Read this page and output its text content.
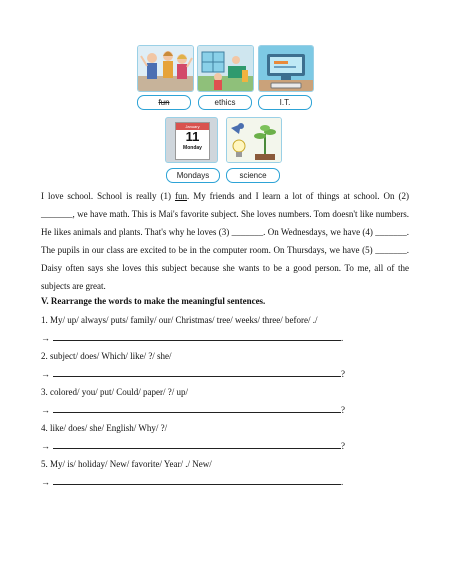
fun	ethics	I.T.
January
11
Monday
Mondays	science

I love school. School is really (1) fun. My friends and I learn a lot of things at school. On (2) _______, we have math. This is Mai's favorite subject. She loves numbers. Tom doesn't like numbers. He likes animals and plants. That's why he loves (3) _______. On Wednesdays, we have (4) _______. The pupils in our class are excited to be in the computer room. On Thursdays, we have (5) _______. Daisy often says she loves this subject because she wants to be a good person. To me, all of the subjects are great.

V. Rearrange the words to make the meaningful sentences.
1. My/ up/ always/ puts/ family/ our/ Christmas/ tree/ weeks/ three/ before/ ./
→	.
2. subject/ does/ Which/ like/ ?/ she/
→	?
3. colored/ you/ put/ Could/ paper/ ?/ up/
→	?
4. like/ does/ she/ English/ Why/ ?/
→	?
5. My/ is/ holiday/ New/ favorite/ Year/ ./ New/
→	.
